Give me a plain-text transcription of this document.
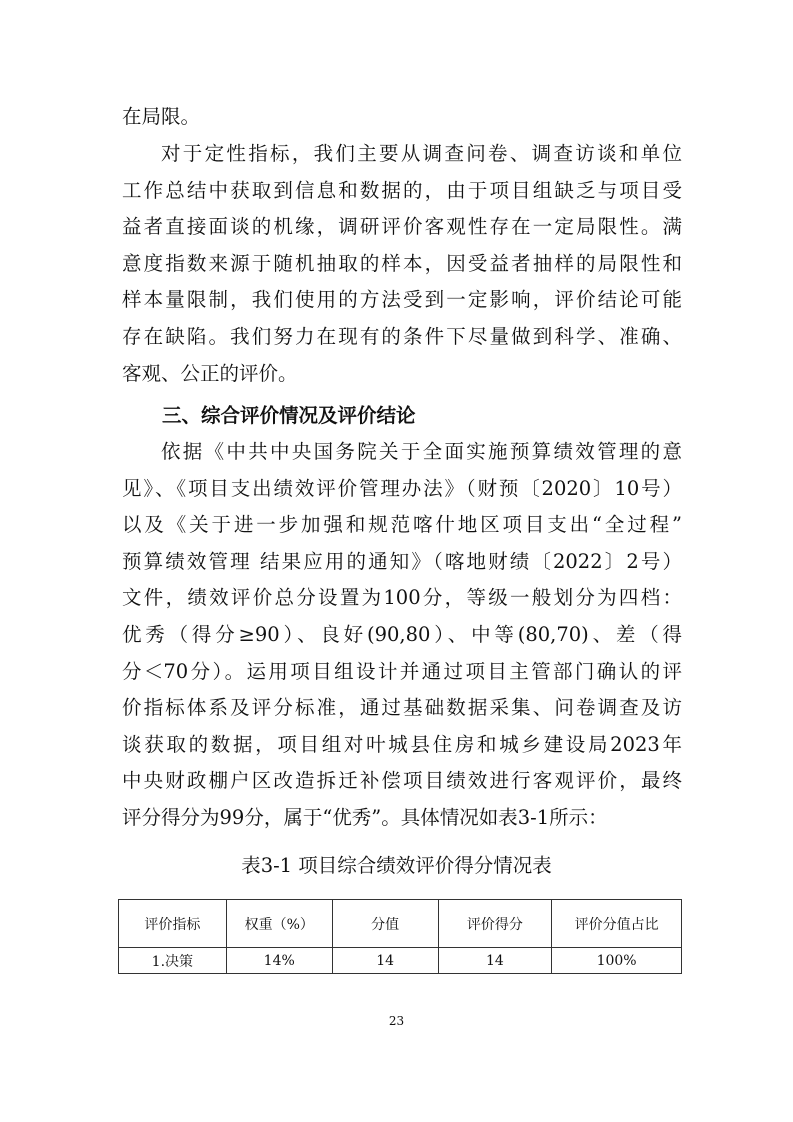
在局限。

对于定性指标，我们主要从调查问卷、调查访谈和单位
工作总结中获取到信息和数据的，由于项目组缺乏与项目受
益者直接面谈的机缘，调研评价客观性存在一定局限性。满
意度指数来源于随机抽取的样本，因受益者抽样的局限性和
样本量限制，我们使用的方法受到一定影响，评价结论可能
存在缺陷。我们努力在现有的条件下尽量做到科学、准确、
客观、公正的评价。

三、综合评价情况及评价结论

依据《中共中央国务院关于全面实施预算绩效管理的意
见》、《项目支出绩效评价管理办法》（财预〔2020〕10号）
以及《关于进一步加强和规范喀什地区项目支出“全过程”
预算绩效管理 结果应用的通知》（喀地财绩〔2022〕2号）
文件，绩效评价总分设置为100分，等级一般划分为四档：
优秀（得分≥90）、良好(90,80）、中等(80,70)、差（得
分＜70分）。运用项目组设计并通过项目主管部门确认的评
价指标体系及评分标准，通过基础数据采集、问卷调查及访
谈获取的数据，项目组对叶城县住房和城乡建设局2023年
中央财政棚户区改造拆迁补偿项目绩效进行客观评价，最终
评分得分为99分，属于“优秀”。具体情况如表3-1所示：

表3-1 项目综合绩效评价得分情况表

评价指标	权重（%）	分值	评价得分	评价分值占比
1.决策	14%	14	14	100%
23
